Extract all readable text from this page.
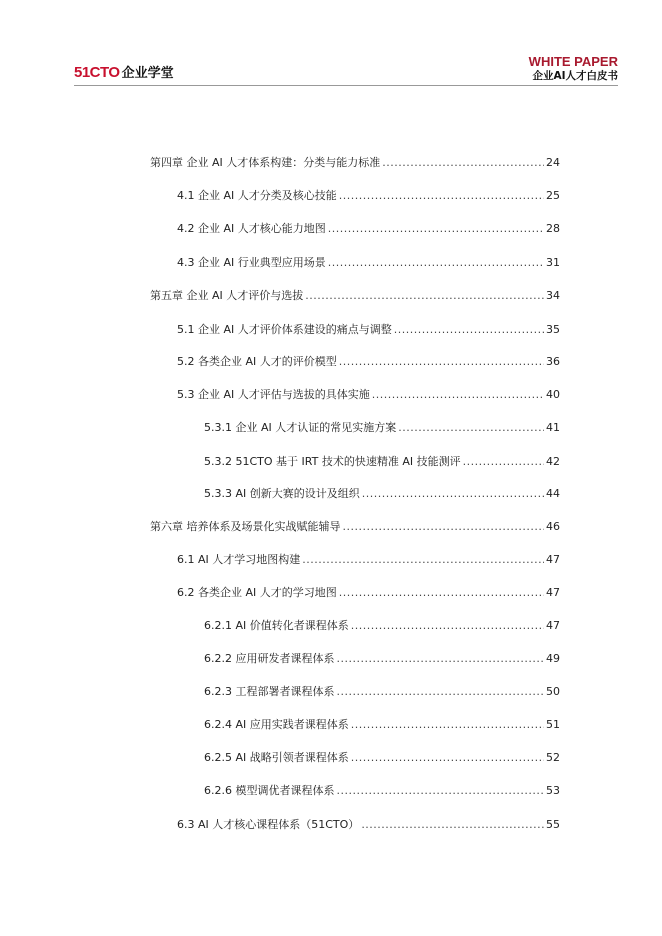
51CTO 企业学堂
WHITE PAPER
企业AI人才白皮书
第四章 企业 AI 人才体系构建：分类与能力标准 .....	24
4.1 企业 AI 人才分类及核心技能 .....	25
4.2 企业 AI 人才核心能力地图 .....	28
4.3 企业 AI 行业典型应用场景 .....	31
第五章 企业 AI 人才评价与选拔 .....	34
5.1 企业 AI 人才评价体系建设的痛点与调整 .....	35
5.2 各类企业 AI 人才的评价模型 .....	36
5.3 企业 AI 人才评估与选拔的具体实施 .....	40
5.3.1 企业 AI 人才认证的常见实施方案 .....	41
5.3.2 51CTO 基于 IRT 技术的快速精准 AI 技能测评 .....	42
5.3.3 AI 创新大赛的设计及组织 .....	44
第六章 培养体系及场景化实战赋能辅导 .....	46
6.1 AI 人才学习地图构建 .....	47
6.2 各类企业 AI 人才的学习地图 .....	47
6.2.1 AI 价值转化者课程体系 .....	47
6.2.2 应用研发者课程体系 .....	49
6.2.3 工程部署者课程体系 .....	50
6.2.4 AI 应用实践者课程体系 .....	51
6.2.5 AI 战略引领者课程体系 .....	52
6.2.6 模型调优者课程体系 .....	53
6.3 AI 人才核心课程体系（51CTO） .....	55
